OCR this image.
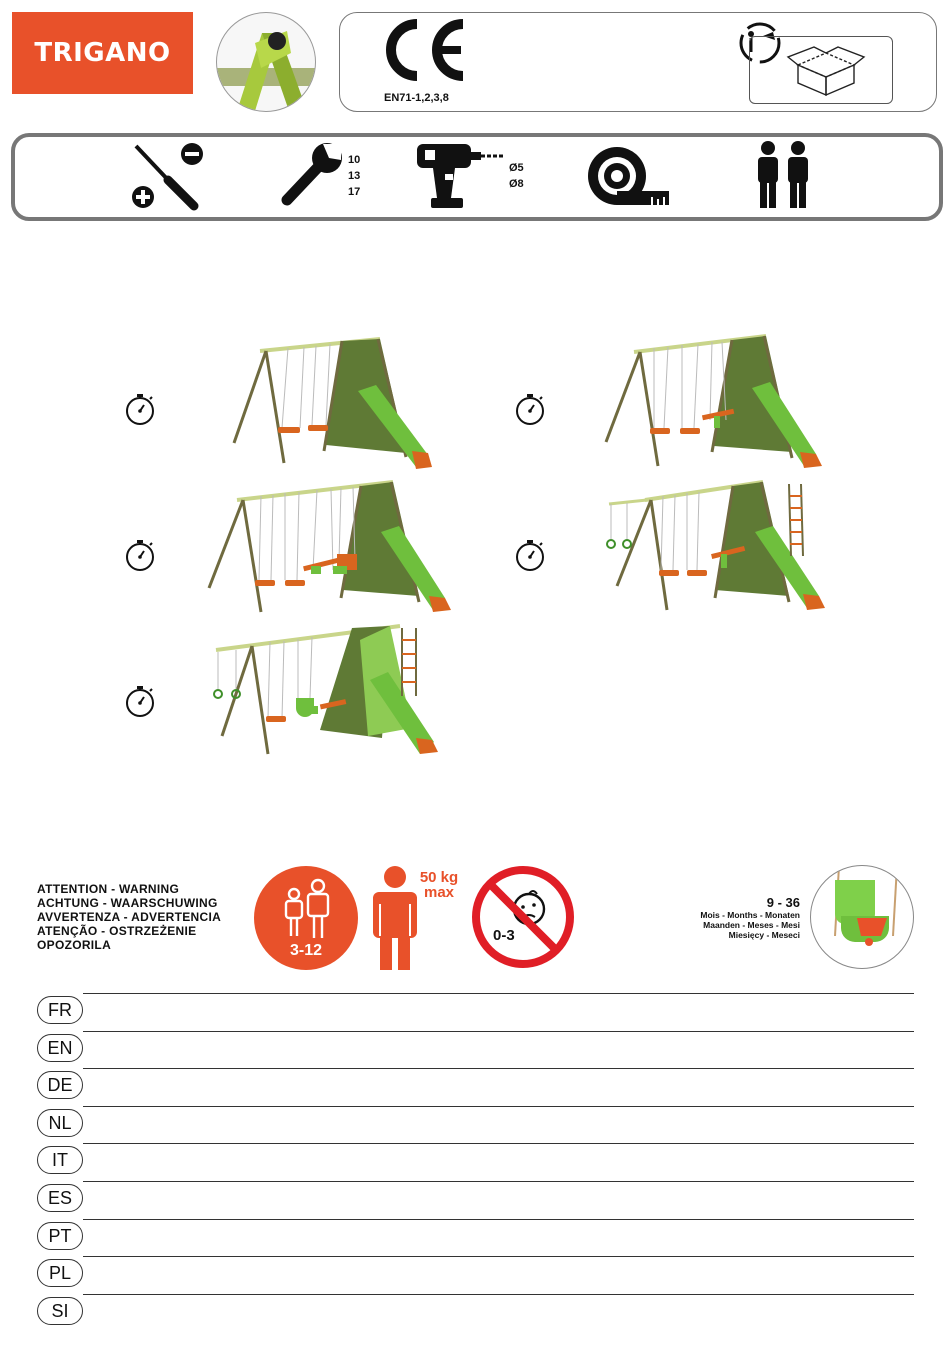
TRIGANO
EN71-1,2,3,8
10
13
17
Ø5
Ø8
ATTENTION - WARNING
ACHTUNG - WAARSCHUWING
AVVERTENZA - ADVERTENCIA
ATENÇÃO - OSTRZEŻENIE
OPOZORILA	3-12
50 kg
max
0-3
9 - 36
Mois - Months - Monaten
Maanden - Meses - Mesi
Miesięcy - Meseci
FR
EN
DE
NL
IT
ES
PT
PL
SI
